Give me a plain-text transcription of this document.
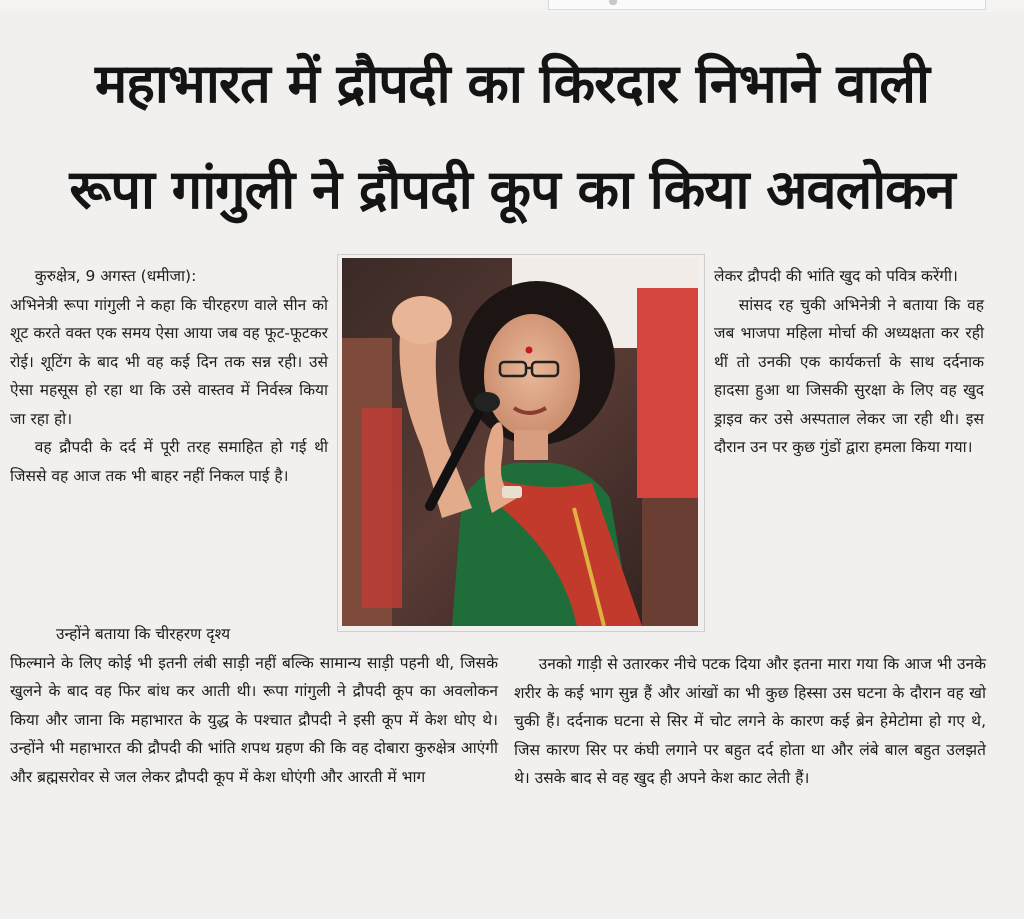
महाभारत में द्रौपदी का किरदार निभाने वाली
रूपा गांगुली ने द्रौपदी कूप का किया अवलोकन

कुरुक्षेत्र, 9 अगस्त (धमीजा):

अभिनेत्री रूपा गांगुली ने कहा कि चीरहरण वाले सीन को शूट करते वक्त एक समय ऐसा आया जब वह फूट-फूटकर रोई। शूटिंग के बाद भी वह कई दिन तक सन्न रही। उसे ऐसा महसूस हो रहा था कि उसे वास्तव में निर्वस्त्र किया जा रहा हो।

वह द्रौपदी के दर्द में पूरी तरह समाहित हो गई थी जिससे वह आज तक भी बाहर नहीं निकल पाई है।

लेकर द्रौपदी की भांति खुद को पवित्र करेंगी।

सांसद रह चुकी अभिनेत्री ने बताया कि वह जब भाजपा महिला मोर्चा की अध्यक्षता कर रही थीं तो उनकी एक कार्यकर्त्ता के साथ दर्दनाक हादसा हुआ था जिसकी सुरक्षा के लिए वह खुद ड्राइव कर उसे अस्पताल लेकर जा रही थी। इस दौरान उन पर कुछ गुंडों द्वारा हमला किया गया।

उन्होंने बताया कि चीरहरण दृश्य

फिल्माने के लिए कोई भी इतनी लंबी साड़ी नहीं बल्कि सामान्य साड़ी पहनी थी, जिसके खुलने के बाद वह फिर बांध कर आती थी। रूपा गांगुली ने द्रौपदी कूप का अवलोकन किया और जाना कि महाभारत के युद्ध के पश्चात द्रौपदी ने इसी कूप में केश धोए थे। उन्होंने भी महाभारत की द्रौपदी की भांति शपथ ग्रहण की कि वह दोबारा कुरुक्षेत्र आएंगी और ब्रह्मसरोवर से जल लेकर द्रौपदी कूप में केश धोएंगी और आरती में भाग

उनको गाड़ी से उतारकर नीचे पटक दिया और इतना मारा गया कि आज भी उनके शरीर के कई भाग सुन्न हैं और आंखों का भी कुछ हिस्सा उस घटना के दौरान वह खो चुकी हैं। दर्दनाक घटना से सिर में चोट लगने के कारण कई ब्रेन हेमेटोमा हो गए थे, जिस कारण सिर पर कंघी लगाने पर बहुत दर्द होता था और लंबे बाल बहुत उलझते थे। उसके बाद से वह खुद ही अपने केश काट लेती हैं।
